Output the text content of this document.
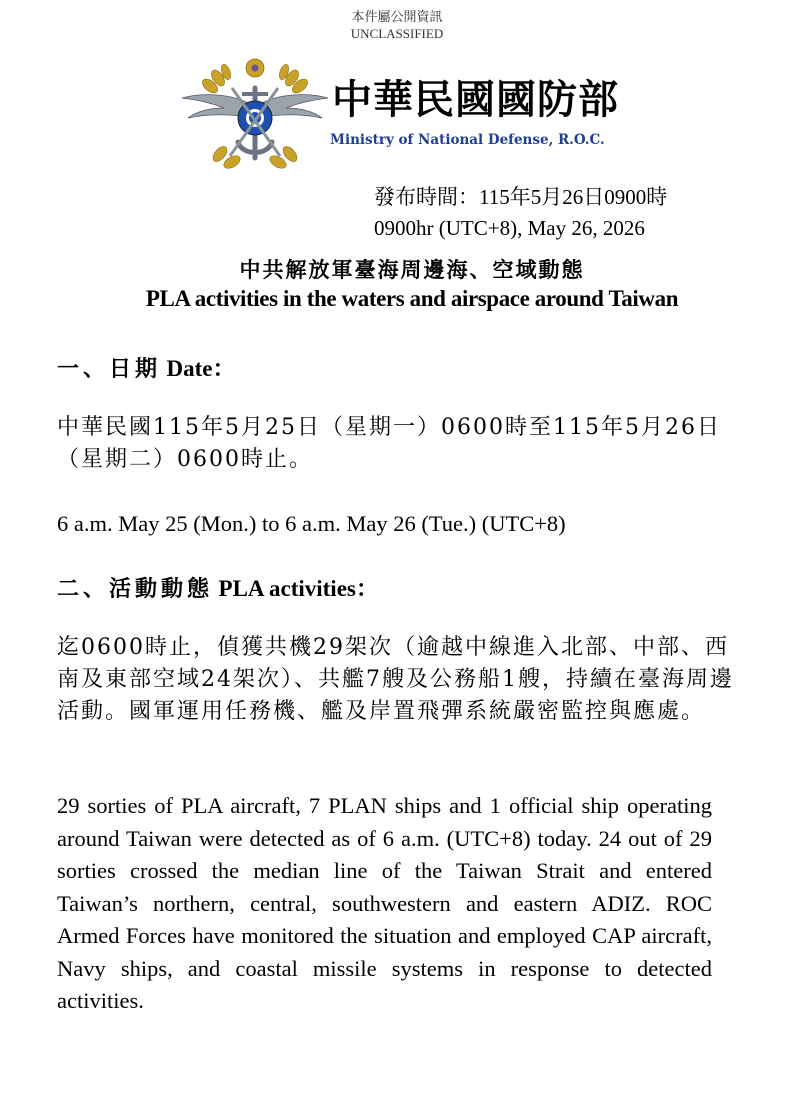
本件屬公開資訊
UNCLASSIFIED
中華民國國防部
Ministry of National Defense, R.O.C.
發布時間：115年5月26日0900時
0900hr (UTC+8), May 26, 2026
中共解放軍臺海周邊海、空域動態
PLA activities in the waters and airspace around Taiwan
一、日期 Date：
中華民國115年5月25日（星期一）0600時至115年5月26日（星期二）0600時止。
6 a.m. May 25 (Mon.) to 6 a.m. May 26 (Tue.) (UTC+8)
二、活動動態 PLA activities：
迄0600時止，偵獲共機29架次（逾越中線進入北部、中部、西南及東部空域24架次）、共艦7艘及公務船1艘，持續在臺海周邊活動。國軍運用任務機、艦及岸置飛彈系統嚴密監控與應處。
29 sorties of PLA aircraft, 7 PLAN ships and 1 official ship operating around Taiwan were detected as of 6 a.m. (UTC+8) today. 24 out of 29 sorties crossed the median line of the Taiwan Strait and entered Taiwan’s northern, central, southwestern and eastern ADIZ. ROC Armed Forces have monitored the situation and employed CAP aircraft, Navy ships, and coastal missile systems in response to detected activities.
